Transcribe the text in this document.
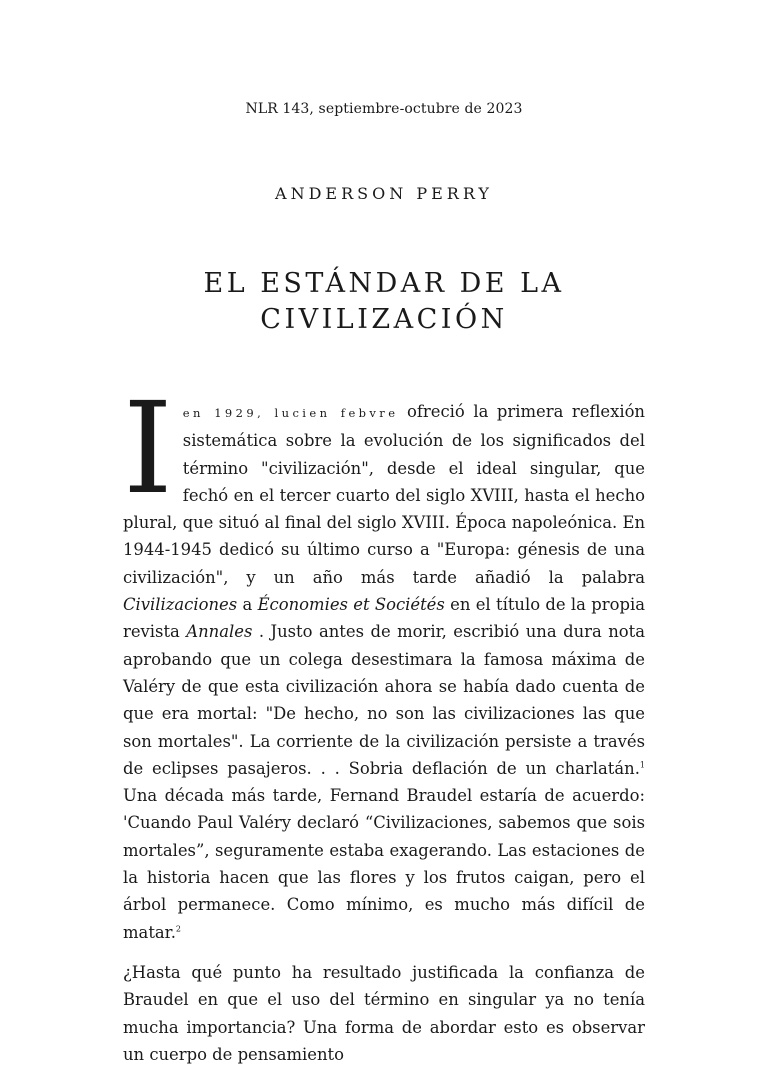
NLR 143, septiembre-octubre de 2023
ANDERSON PERRY
EL ESTÁNDAR DE LA
CIVILIZACIÓN

Ien 1929, lucien febvre ofreció la primera reflexión sistemática sobre la evolución de los significados del término "civilización", desde el ideal singular, que fechó en el tercer cuarto del siglo XVIII, hasta el hecho plural, que situó al final del siglo XVIII. Época napoleónica. En 1944-1945 dedicó su último curso a "Europa: génesis de una civilización", y un año más tarde añadió la palabra Civilizaciones a Économies et Sociétés en el título de la propia revista Annales . Justo antes de morir, escribió una dura nota aprobando que un colega desestimara la famosa máxima de Valéry de que esta civilización ahora se había dado cuenta de que era mortal: "De hecho, no son las civilizaciones las que son mortales". La corriente de la civilización persiste a través de eclipses pasajeros. . . Sobria deflación de un charlatán.$^1$ Una década más tarde, Fernand Braudel estaría de acuerdo: 'Cuando Paul Valéry declaró “Civilizaciones, sabemos que sois mortales”, seguramente estaba exagerando. Las estaciones de la historia hacen que las flores y los frutos caigan, pero el árbol permanece. Como mínimo, es mucho más difícil de matar.$^2$

¿Hasta qué punto ha resultado justificada la confianza de Braudel en que el uso del término en singular ya no tenía mucha importancia? Una forma de abordar esto es observar un cuerpo de pensamiento
